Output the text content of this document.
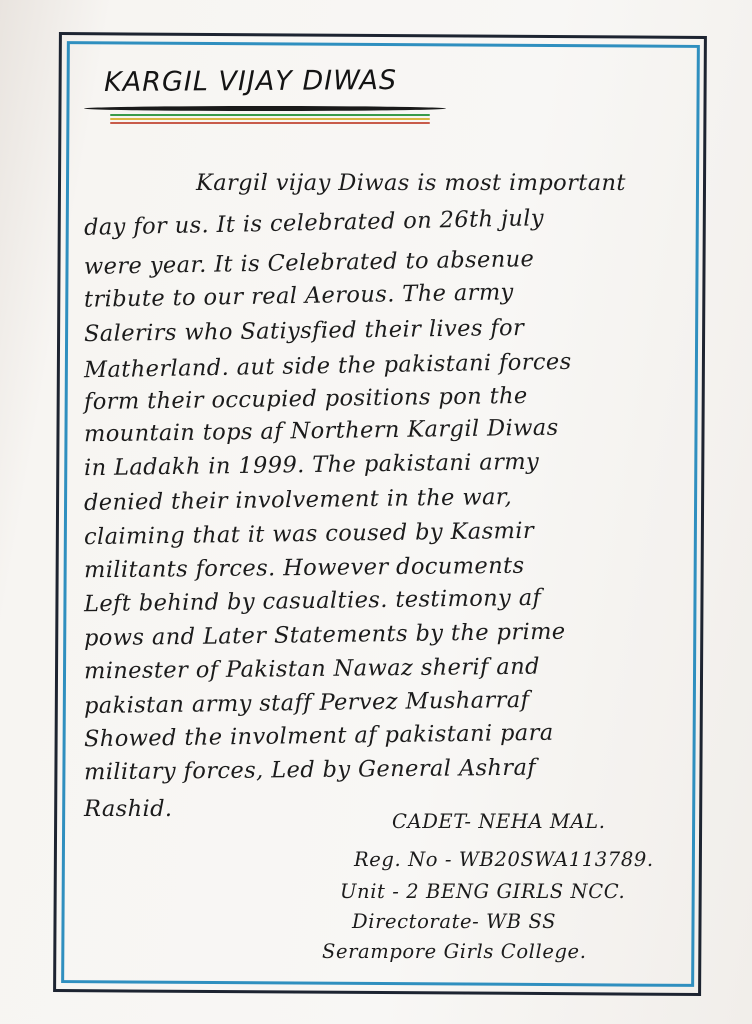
KARGIL VIJAY DIWAS
Kargil vijay Diwas is most important
day for us. It is celebrated on 26th july
were year. It is Celebrated to absenue
tribute to our real Aerous. The army
Salerirs who Satiysfied their lives for
Matherland. aut side the pakistani forces
form their occupied positions pon the
mountain tops af Northern Kargil Diwas
in Ladakh in 1999. The pakistani army
denied their involvement in the war,
claiming that it was coused by Kasmir
militants forces. However documents
Left behind by casualties. testimony af
pows and Later Statements by the prime
minester of Pakistan Nawaz sherif and
pakistan army staff Pervez Musharraf
Showed the involment af pakistani para
military forces, Led by General Ashraf
Rashid.	CADET- NEHA MAL.
Reg. No - WB20SWA113789.
Unit - 2 BENG GIRLS NCC.
Directorate- WB SS
Serampore Girls College.
